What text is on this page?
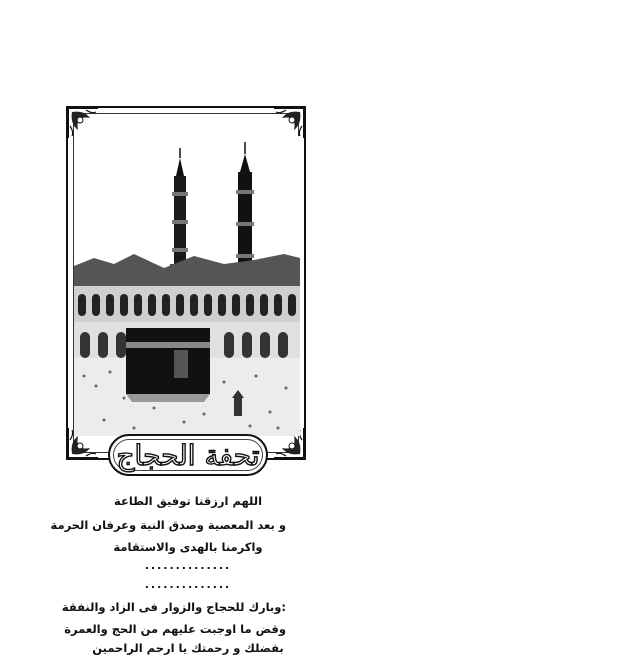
تحفة الحجاج
اللهم ارزقنا توفيق الطاعة
و بعد المعصية وصدق النية وعرفان الحرمة
واكرمنا بالهدى والاستقامة
..............
..............
:وبارك للحجاج والزوار فى الزاد والنفقة
وقض ما اوجبت عليهم من الحج والعمرة
بفضلك و رحمتك يا ارحم الراحمين
